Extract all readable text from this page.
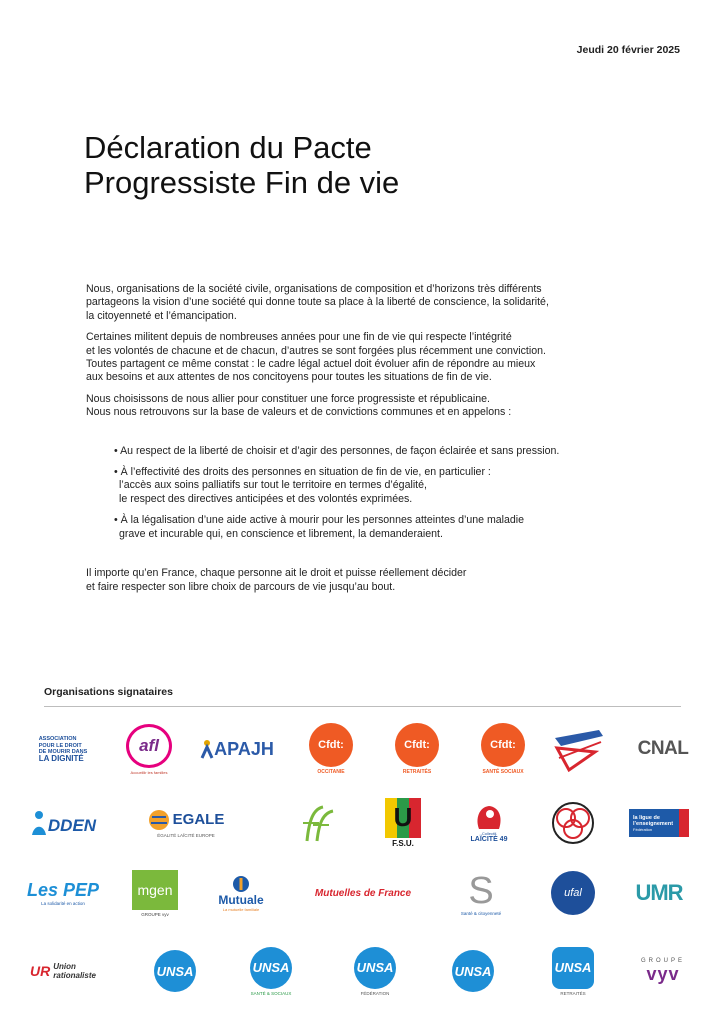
Jeudi 20 février 2025
Déclaration du Pacte
Progressiste Fin de vie

Nous, organisations de la société civile, organisations de composition et d’horizons très différents
partageons la vision d’une société qui donne toute sa place à la liberté de conscience, la solidarité,
la citoyenneté et l’émancipation.

Certaines militent depuis de nombreuses années pour une fin de vie qui respecte l’intégrité
et les volontés de chacune et de chacun, d’autres se sont forgées plus récemment une conviction.
Toutes partagent ce même constat : le cadre légal actuel doit évoluer afin de répondre au mieux
aux besoins et aux attentes de nos concitoyens pour toutes les situations de fin de vie.

Nous choisissons de nous allier pour constituer une force progressiste et républicaine.
Nous nous retrouvons sur la base de valeurs et de convictions communes et en appelons :

• Au respect de la liberté de choisir et d’agir des personnes, de façon éclairée et sans pression.
• À l’effectivité des droits des personnes en situation de fin de vie, en particulier :
l’accès aux soins palliatifs sur tout le territoire en termes d’égalité,
le respect des directives anticipées et des volontés exprimées.
• À la légalisation d’une aide active à mourir pour les personnes atteintes d’une maladie
grave et incurable qui, en conscience et librement, la demanderaient.
Il importe qu’en France, chaque personne ait le droit et puisse réellement décider
et faire respecter son libre choix de parcours de vie jusqu’au bout.
Organisations signataires
ASSOCIATION
POUR LE DROIT
DE MOURIR DANS
LA DIGNITÉ
afl
Accueillir les familles
APAJH	Cfdt:
OCCITANIE
Cfdt:
RETRAITÉS
Cfdt:
SANTÉ SOCIAUX
CNAL
DDEN	EGALE
ÉGALITÉ LAÏCITÉ EUROPE
U
F.S.U.
Collectif
LAÏCITÉ 49
la ligue de l’enseignement
Fédération
Les PEP
La solidarité en action
mgen
GROUPE vyv
Mutuale
La mutuelle familiale
Mutuelles de France S
Santé & citoyenneté
ufal UMR
UR Union
rationaliste	UNSA	UNSA
SANTÉ & SOCIAUX
UNSA
FÉDÉRATION
UNSA	UNSA
RETRAITÉS
GROUPE
vyv
